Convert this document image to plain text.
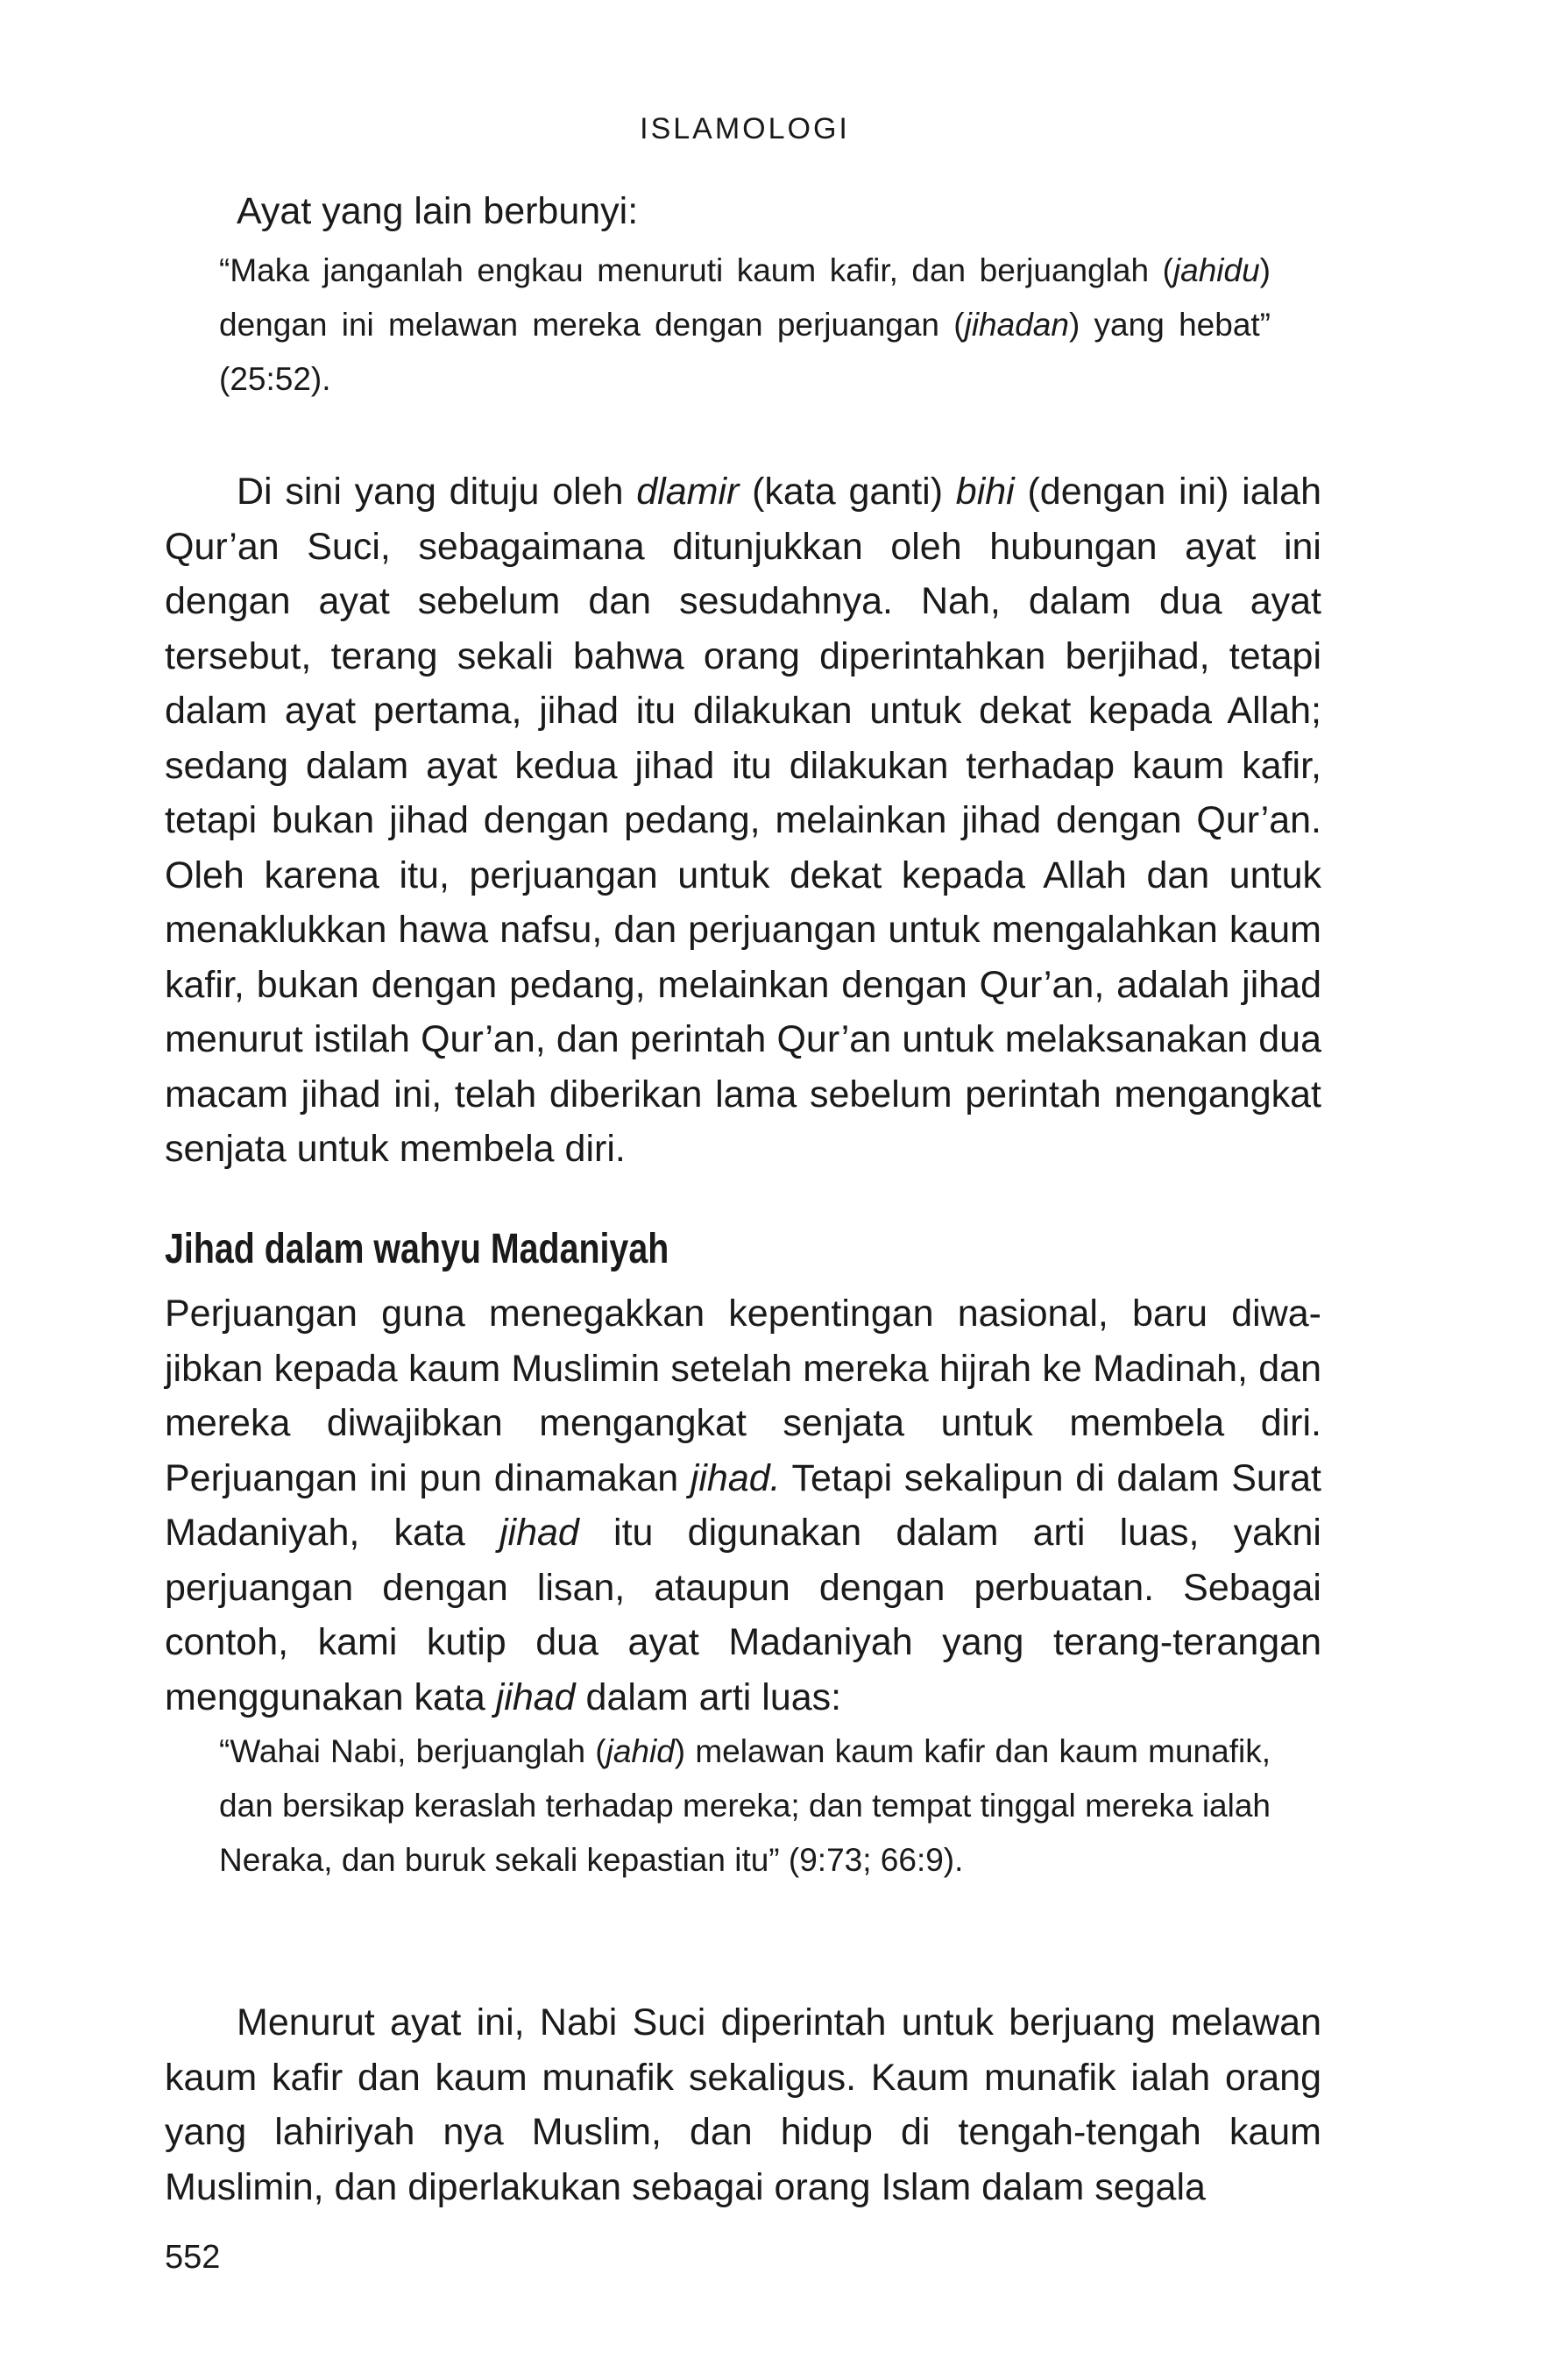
ISLAMOLOGI

Ayat yang lain berbunyi:

“Maka janganlah engkau menuruti kaum kafir, dan berjuanglah (jahidu) dengan ini melawan mereka dengan perjuangan (jihadan) yang hebat” (25:52).

Di sini yang dituju oleh dlamir (kata ganti) bihi (dengan ini) ialah Qur’an Suci, sebagaimana ditunjukkan oleh hubungan ayat ini dengan ayat sebelum dan sesudahnya. Nah, dalam dua ayat tersebut, terang sekali bahwa orang diperintahkan berjihad, tetapi dalam ayat pertama, jihad itu dilakukan untuk dekat kepada Allah; sedang dalam ayat kedua jihad itu dilakukan terhadap kaum kafir, tetapi bukan jihad dengan pedang, melainkan jihad dengan Qur’an. Oleh karena itu, perjuangan untuk dekat kepada Allah dan untuk menaklukkan hawa nafsu, dan perjuangan untuk mengalahkan kaum kafir, bukan dengan pedang, melainkan dengan Qur’an, adalah jihad menurut istilah Qur’an, dan perintah Qur’an untuk melaksanakan dua macam jihad ini, telah diberikan lama sebelum perintah mengangkat senjata untuk membela diri.

Jihad dalam wahyu Madaniyah

Perjuangan guna menegakkan kepentingan nasional, baru diwajibkan kepada kaum Muslimin setelah mereka hijrah ke Madinah, dan mereka diwajibkan mengangkat senjata untuk membela diri. Perjuangan ini pun dinamakan jihad. Tetapi sekalipun di dalam Surat Madaniyah, kata jihad itu digunakan dalam arti luas, yakni perjuangan dengan lisan, ataupun dengan perbuatan. Sebagai contoh, kami kutip dua ayat Madaniyah yang terang-terangan menggunakan kata jihad dalam arti luas:

“Wahai Nabi, berjuanglah (jahid) melawan kaum kafir dan kaum munafik, dan bersikap keraslah terhadap mereka; dan tempat tinggal mereka ialah Neraka, dan buruk sekali kepastian itu” (9:73; 66:9).

Menurut ayat ini, Nabi Suci diperintah untuk berjuang melawan kaum kafir dan kaum munafik sekaligus. Kaum munafik ialah orang yang lahiriyah nya Muslim, dan hidup di tengah-tengah kaum Muslimin, dan diperlakukan sebagai orang Islam dalam segala

552
